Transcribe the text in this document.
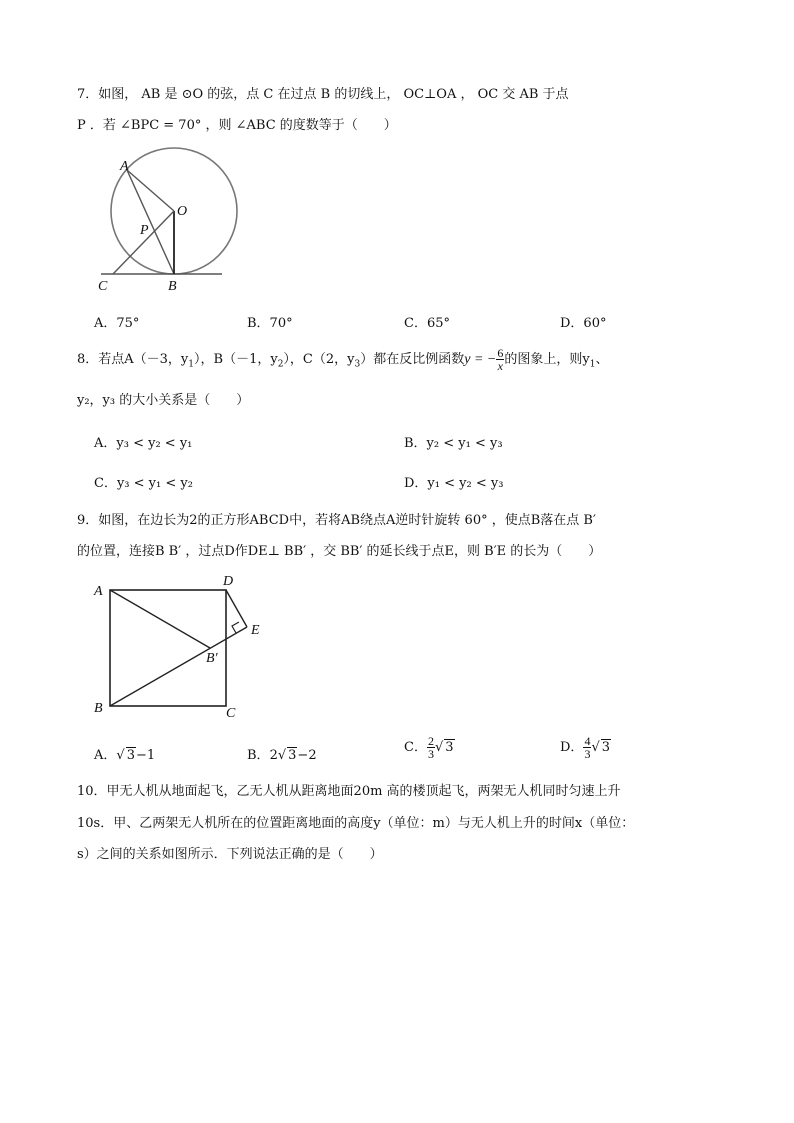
7．如图， AB 是 ⊙O 的弦，点 C 在过点 B 的切线上， OC⊥OA ， OC 交 AB 于点
P ．若 ∠BPC = 70° ，则 ∠ABC 的度数等于（　　）
A
O
P
C	B
A．75°	B．70°	C．65°	D．60°
8．若点A（－3，$y_1$），B（－1，$y_2$），C（2，$y_3$）都在反比例函数y = − $\frac{6}{x}$ 的图象上，则$y_1$、
y₂，y₃ 的大小关系是（　　）
A．y₃ < y₂ < y₁	B．y₂ < y₁ < y₃
C．y₃ < y₁ < y₂	D．y₁ < y₂ < y₃
9．如图，在边长为2的正方形ABCD中，若将AB绕点A逆时针旋转 60° ，使点B落在点 B′
的位置，连接B B′ ，过点D作DE⊥ BB′ ，交 BB′ 的延长线于点E，则 B′E 的长为（　　）
A
D
E
B′
B	C
A．√ 3−1	B．2√ 3−2
C． $\frac{2}{3}$ √ 3	D． $\frac{4}{3}$ √ 3
10．甲无人机从地面起飞，乙无人机从距离地面20m 高的楼顶起飞，两架无人机同时匀速上升
10s．甲、乙两架无人机所在的位置距离地面的高度y（单位：m）与无人机上升的时间x（单位：
s）之间的关系如图所示．下列说法正确的是（　　）
